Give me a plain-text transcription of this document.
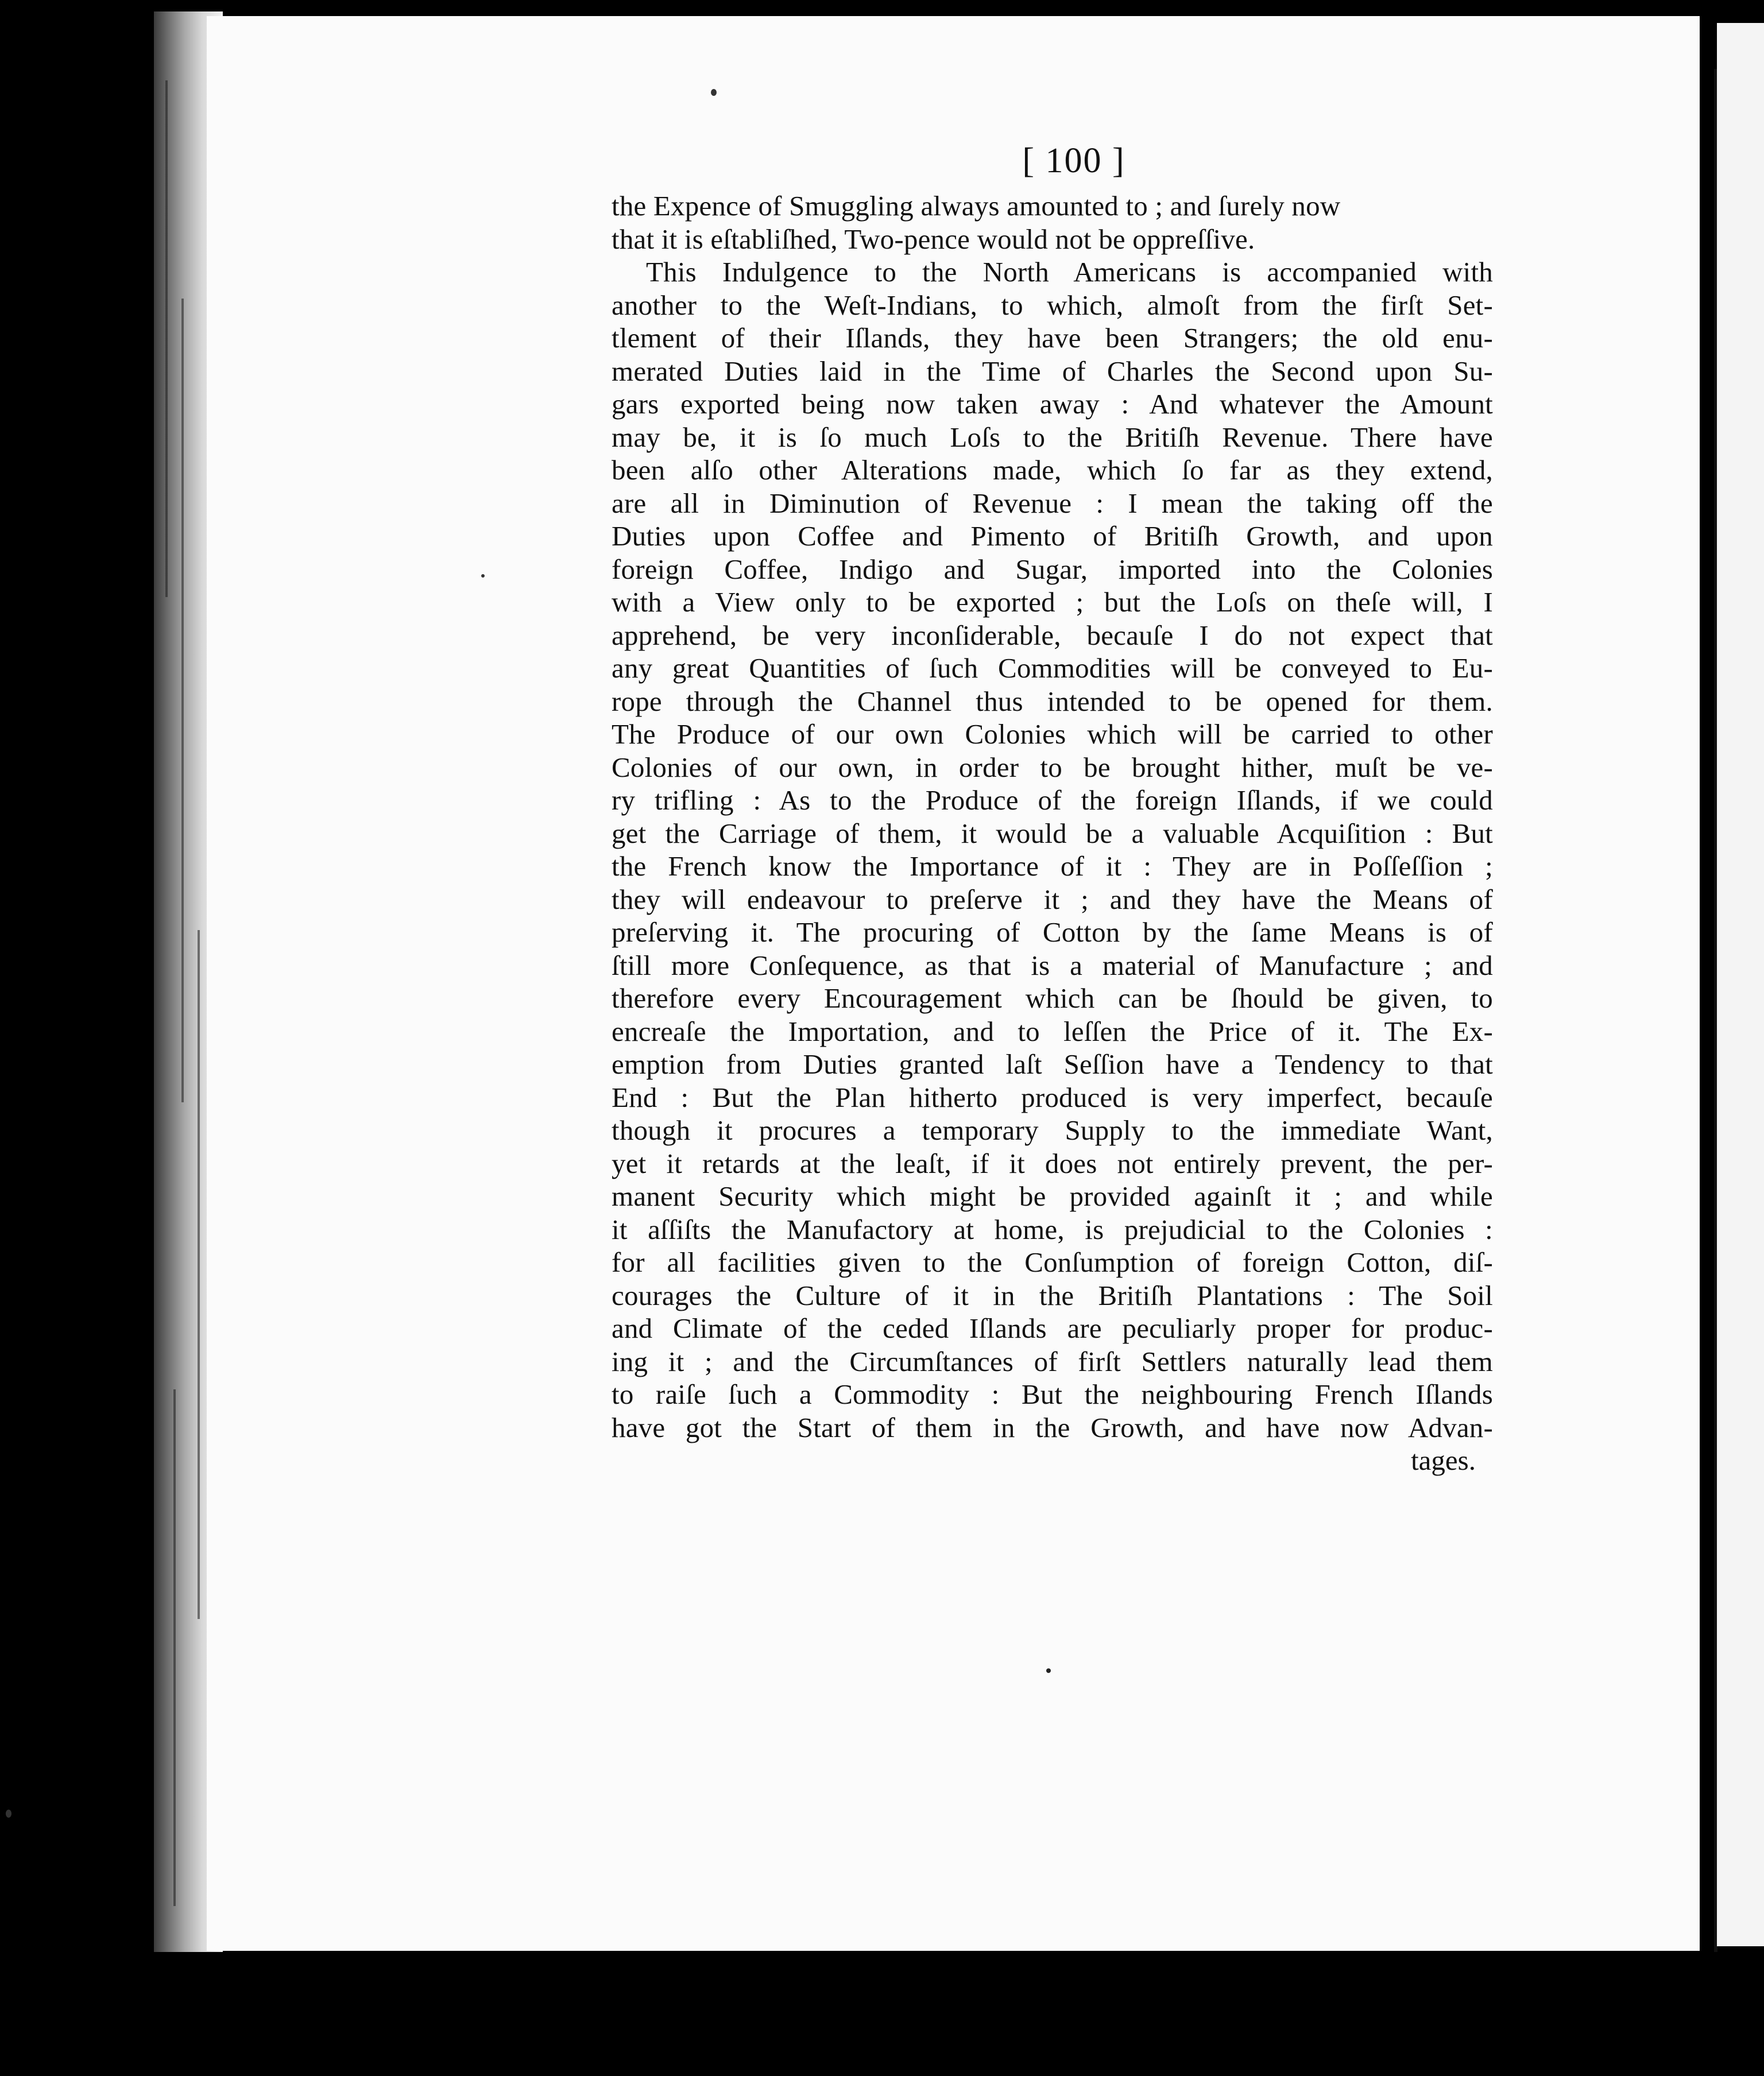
[ 100 ]
the Expence of Smuggling always amounted to ; and ſurely now
that it is eſtabliſhed, Two-pence would not be oppreſſive.
This Indulgence to the North Americans is accompanied with
another to the Weſt-Indians, to which, almoſt from the firſt Set-
tlement of their Iſlands, they have been Strangers; the old enu-
merated Duties laid in the Time of Charles the Second upon Su-
gars exported being now taken away : And whatever the Amount
may be, it is ſo much Loſs to the Britiſh Revenue. There have
been alſo other Alterations made, which ſo far as they extend,
are all in Diminution of Revenue : I mean the taking off the
Duties upon Coffee and Pimento of Britiſh Growth, and upon
foreign Coffee, Indigo and Sugar, imported into the Colonies
with a View only to be exported ; but the Loſs on theſe will, I
apprehend, be very inconſiderable, becauſe I do not expect that
any great Quantities of ſuch Commodities will be conveyed to Eu-
rope through the Channel thus intended to be opened for them.
The Produce of our own Colonies which will be carried to other
Colonies of our own, in order to be brought hither, muſt be ve-
ry trifling : As to the Produce of the foreign Iſlands, if we could
get the Carriage of them, it would be a valuable Acquiſition : But
the French know the Importance of it : They are in Poſſeſſion ;
they will endeavour to preſerve it ; and they have the Means of
preſerving it. The procuring of Cotton by the ſame Means is of
ſtill more Conſequence, as that is a material of Manufacture ; and
therefore every Encouragement which can be ſhould be given, to
encreaſe the Importation, and to leſſen the Price of it. The Ex-
emption from Duties granted laſt Seſſion have a Tendency to that
End : But the Plan hitherto produced is very imperfect, becauſe
though it procures a temporary Supply to the immediate Want,
yet it retards at the leaſt, if it does not entirely prevent, the per-
manent Security which might be provided againſt it ; and while
it aſſiſts the Manufactory at home, is prejudicial to the Colonies :
for all facilities given to the Conſumption of foreign Cotton, diſ-
courages the Culture of it in the Britiſh Plantations : The Soil
and Climate of the ceded Iſlands are peculiarly proper for produc-
ing it ; and the Circumſtances of firſt Settlers naturally lead them
to raiſe ſuch a Commodity : But the neighbouring French Iſlands
have got the Start of them in the Growth, and have now Advan-
tages.
